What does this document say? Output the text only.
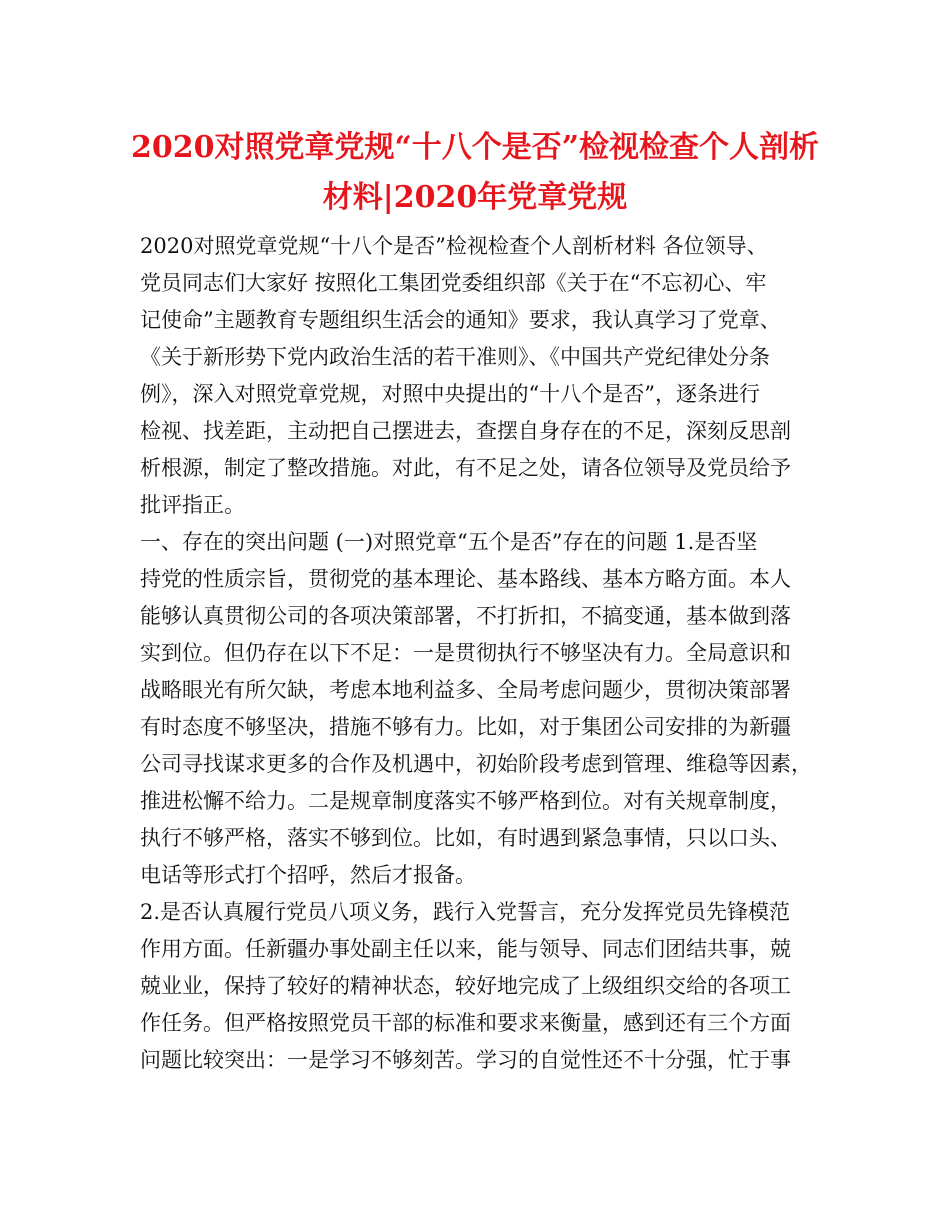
2020对照党章党规“十八个是否”检视检查个人剖析
材料|2020年党章党规
2020对照党章党规“十八个是否”检视检查个人剖析材料 各位领导、
党员同志们大家好 按照化工集团党委组织部《关于在“不忘初心、牢
记使命”主题教育专题组织生活会的通知》要求，我认真学习了党章、
《关于新形势下党内政治生活的若干准则》、《中国共产党纪律处分条
例》，深入对照党章党规，对照中央提出的“十八个是否”，逐条进行
检视、找差距，主动把自己摆进去，查摆自身存在的不足，深刻反思剖
析根源，制定了整改措施。对此，有不足之处，请各位领导及党员给予
批评指正。
一、存在的突出问题 (一)对照党章“五个是否”存在的问题 1.是否坚
持党的性质宗旨，贯彻党的基本理论、基本路线、基本方略方面。本人
能够认真贯彻公司的各项决策部署，不打折扣，不搞变通，基本做到落
实到位。但仍存在以下不足：一是贯彻执行不够坚决有力。全局意识和
战略眼光有所欠缺，考虑本地利益多、全局考虑问题少，贯彻决策部署
有时态度不够坚决，措施不够有力。比如，对于集团公司安排的为新疆
公司寻找谋求更多的合作及机遇中，初始阶段考虑到管理、维稳等因素，
推进松懈不给力。二是规章制度落实不够严格到位。对有关规章制度，
执行不够严格，落实不够到位。比如，有时遇到紧急事情，只以口头、
电话等形式打个招呼，然后才报备。
2.是否认真履行党员八项义务，践行入党誓言，充分发挥党员先锋模范
作用方面。任新疆办事处副主任以来，能与领导、同志们团结共事，兢
兢业业，保持了较好的精神状态，较好地完成了上级组织交给的各项工
作任务。但严格按照党员干部的标准和要求来衡量，感到还有三个方面
问题比较突出：一是学习不够刻苦。学习的自觉性还不十分强，忙于事
